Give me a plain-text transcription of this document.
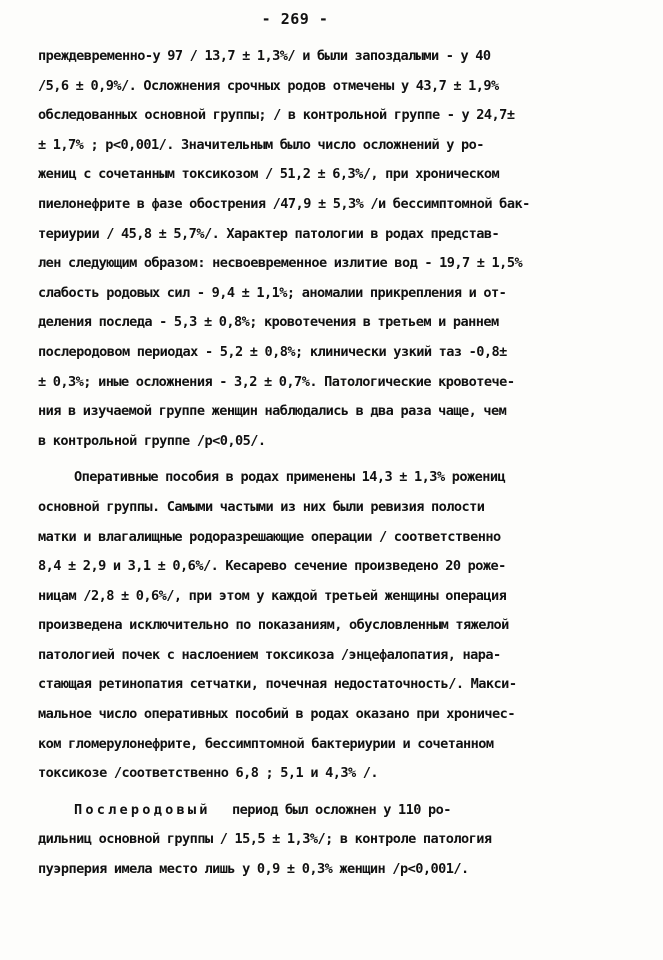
- 269 -
преждевременно-у 97 / 13,7 ± 1,3%/ и были запоздалыми - у 40
/5,6 ± 0,9%/. Осложнения срочных родов отмечены у 43,7 ± 1,9%
обследованных основной группы; / в контрольной группе - у 24,7±
± 1,7% ; р<0,001/. Значительным было число осложнений у ро-
жениц с сочетанным токсикозом / 51,2 ± 6,3%/, при хроническом
пиелонефрите в фазе обострения /47,9 ± 5,3% /и бессимптомной бак-
териурии / 45,8 ± 5,7%/. Характер патологии в родах представ-
лен следующим образом: несвоевременное излитие вод - 19,7 ± 1,5%
слабость родовых сил - 9,4 ± 1,1%; аномалии прикрепления и от-
деления последа - 5,3 ± 0,8%; кровотечения в третьем и раннем
послеродовом периодах - 5,2 ± 0,8%; клинически узкий таз -0,8±
± 0,3%; иные осложнения - 3,2 ± 0,7%. Патологические кровотече-
ния в изучаемой группе женщин наблюдались в два раза чаще, чем
в контрольной группе /р<0,05/.
Оперативные пособия в родах применены 14,3 ± 1,3% рожениц
основной группы. Самыми частыми из них были ревизия полости
матки и влагалищные родоразрешающие операции / соответственно
8,4 ± 2,9 и 3,1 ± 0,6%/. Кесарево сечение произведено 20 роже-
ницам /2,8 ± 0,6%/, при этом у каждой третьей женщины операция
произведена исключительно по показаниям, обусловленным тяжелой
патологией почек с наслоением токсикоза /энцефалопатия, нара-
стающая ретинопатия сетчатки, почечная недостаточность/. Макси-
мальное число оперативных пособий в родах оказано при хроничес-
ком гломерулонефрите, бессимптомной бактериурии и сочетанном
токсикозе /соответственно 6,8 ; 5,1 и 4,3% /.
Послеродовый период был осложнен у 110 ро-
дильниц основной группы / 15,5 ± 1,3%/; в контроле патология
пуэрперия имела место лишь у 0,9 ± 0,3% женщин /р<0,001/.
